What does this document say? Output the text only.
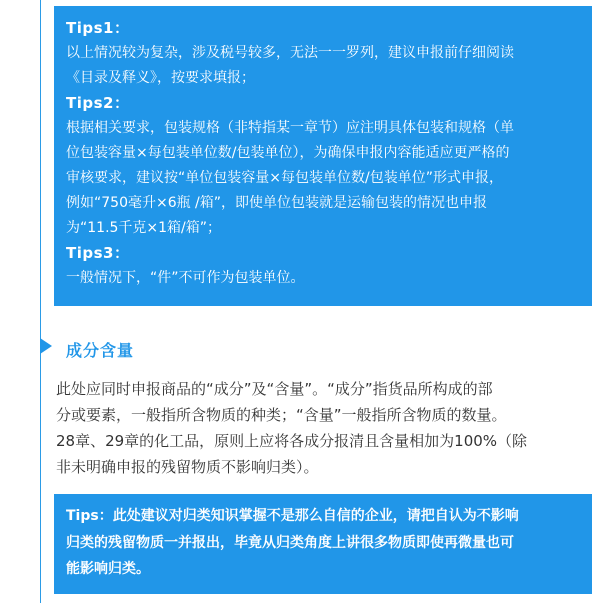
Tips1：
以上情况较为复杂，涉及税号较多，无法一一罗列，建议申报前仔细阅读
《目录及释义》，按要求填报；
Tips2：
根据相关要求，包装规格（非特指某一章节）应注明具体包装和规格（单
位包装容量×每包装单位数/包装单位），为确保申报内容能适应更严格的
审核要求，建议按“单位包装容量×每包装单位数/包装单位”形式申报，
例如“750毫升×6瓶 /箱”，即使单位包装就是运输包装的情况也申报
为“11.5千克×1箱/箱”；
Tips3：
一般情况下，“件”不可作为包装单位。
成分含量
此处应同时申报商品的“成分”及“含量”。“成分”指货品所构成的部
分或要素，一般指所含物质的种类；“含量”一般指所含物质的数量。
28章、29章的化工品，原则上应将各成分报清且含量相加为100%（除
非未明确申报的残留物质不影响归类）。
Tips：此处建议对归类知识掌握不是那么自信的企业，请把自认为不影响
归类的残留物质一并报出，毕竟从归类角度上讲很多物质即使再微量也可
能影响归类。
